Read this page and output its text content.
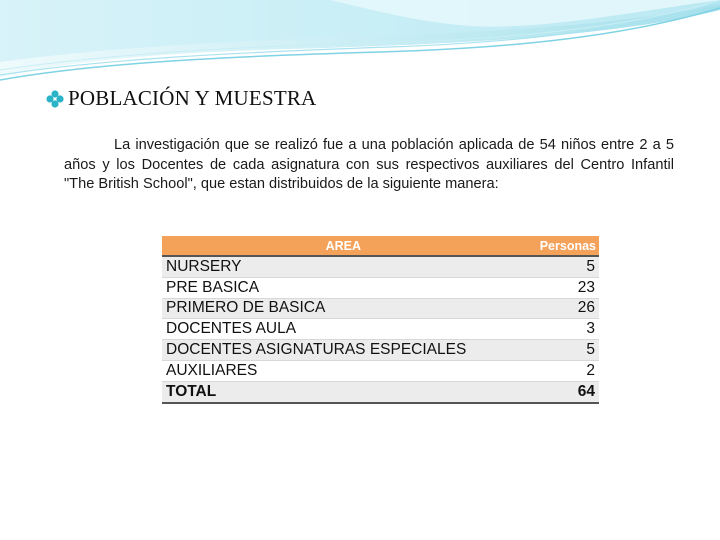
POBLACIÓN Y MUESTRA

La investigación que se realizó fue a una población aplicada de 54 niños entre 2 a 5 años y los Docentes de cada asignatura con sus respectivos auxiliares del Centro Infantil "The British School", que estan distribuidos de la siguiente manera:

AREA	Personas
NURSERY	5
PRE BASICA	23
PRIMERO DE BASICA	26
DOCENTES AULA	3
DOCENTES ASIGNATURAS ESPECIALES	5
AUXILIARES	2
TOTAL	64
